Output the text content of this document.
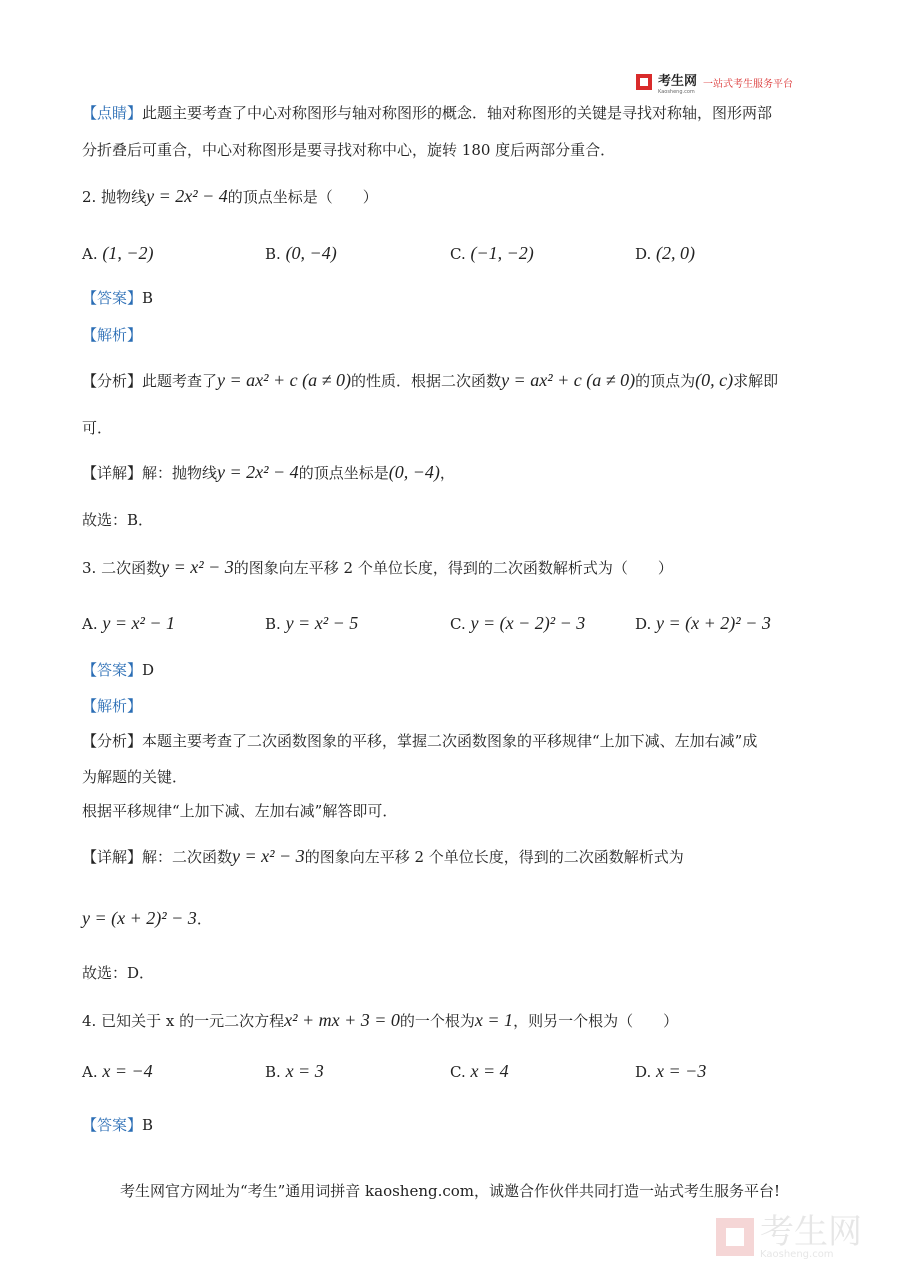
考生网
Kaosheng.com
一站式考生服务平台
【点睛】此题主要考查了中心对称图形与轴对称图形的概念．轴对称图形的关键是寻找对称轴，图形两部
分折叠后可重合，中心对称图形是要寻找对称中心，旋转 180 度后两部分重合．
2. 抛物线y = 2x² − 4的顶点坐标是（　　）
A. (1, −2)	B. (0, −4)	C. (−1, −2)	D. (2, 0)
【答案】B
【解析】
【分析】此题考查了y = ax² + c (a ≠ 0)的性质．根据二次函数y = ax² + c (a ≠ 0)的顶点为(0, c)求解即
可．
【详解】解：抛物线y = 2x² − 4的顶点坐标是(0, −4)，
故选：B．
3. 二次函数y = x² − 3的图象向左平移 2 个单位长度，得到的二次函数解析式为（　　）
A. y = x² − 1	B. y = x² − 5	C. y = (x − 2)² − 3	D. y = (x + 2)² − 3
【答案】D
【解析】
【分析】本题主要考查了二次函数图象的平移，掌握二次函数图象的平移规律“上加下减、左加右减”成
为解题的关键．
根据平移规律“上加下减、左加右减”解答即可．
【详解】解：二次函数y = x² − 3的图象向左平移 2 个单位长度，得到的二次函数解析式为
y = (x + 2)² − 3．
故选：D．
4. 已知关于 x 的一元二次方程x² + mx + 3 = 0的一个根为x = 1，则另一个根为（　　）
A. x = −4	B. x = 3	C. x = 4	D. x = −3
【答案】B
考生网官方网址为“考生”通用词拼音 kaosheng.com，诚邀合作伙伴共同打造一站式考生服务平台!
考生网
Kaosheng.com
